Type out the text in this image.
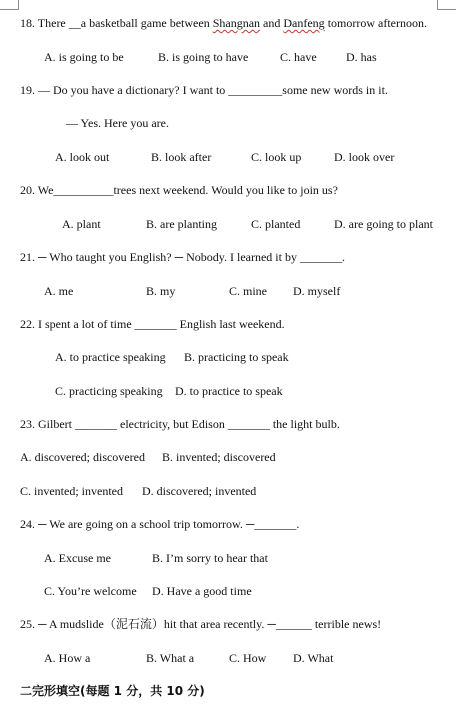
18. There __a basketball game between Shangnan and Danfeng tomorrow afternoon.
A. is going to be	B. is going to have	C. have D. has
19. — Do you have a dictionary? I want to _________some new words in it.
— Yes. Here you are.
A. look out	B. look after	C. look up	D. look over
20. We__________trees next weekend. Would you like to join us?
A. plant	B. are planting	C. planted	D. are going to plant
21. ─ Who taught you English? ─ Nobody. I learned it by _______.
A. me	B. my	C. mine D. myself
22. I spent a lot of time _______ English last weekend.
A. to practice speaking B. practicing to speak
C. practicing speaking D. to practice to speak
23. Gilbert _______ electricity, but Edison _______ the light bulb.
A. discovered; discovered B. invented; discovered
C. invented; invented D. discovered; invented
24. ─ We are going on a school trip tomorrow. ─_______.
A. Excuse me	B. I’m sorry to hear that
C. You’re welcome D. Have a good time
25. ─ A mudslide（泥石流）hit that area recently. ─______ terrible news!
A. How a	B. What a	C. How D. What
二完形填空(每题 1 分，共 10 分)
